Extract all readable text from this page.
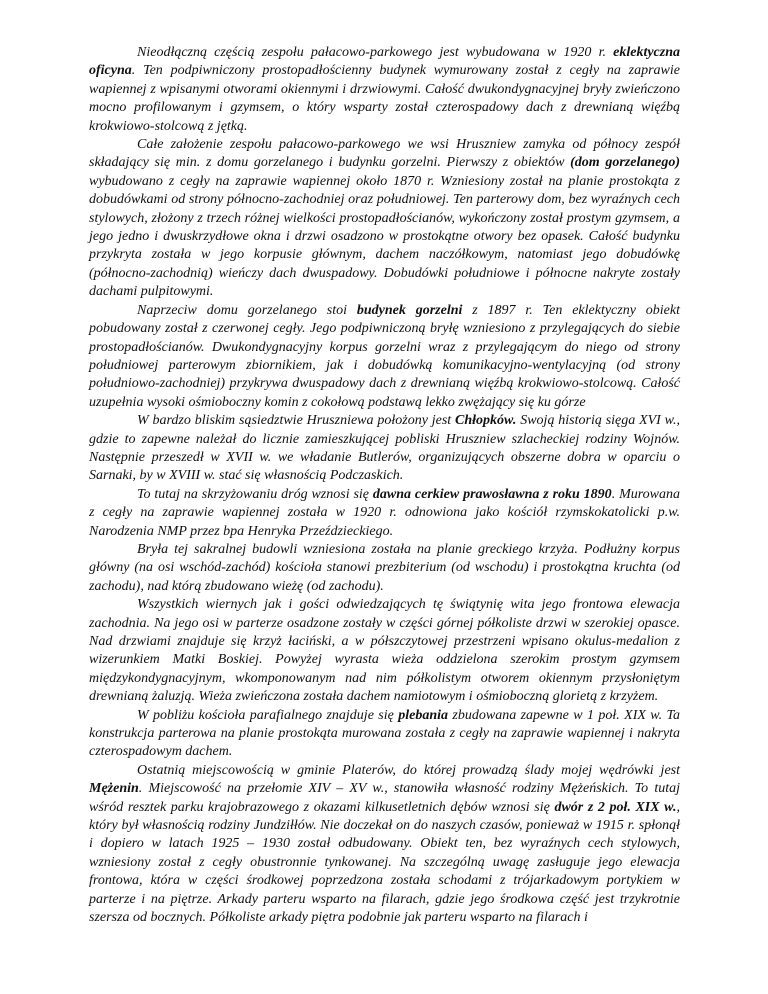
Nieodłączną częścią zespołu pałacowo-parkowego jest wybudowana w 1920 r. eklektyczna oficyna. Ten podpiwniczony prostopadłościenny budynek wymurowany został z cegły na zaprawie wapiennej z wpisanymi otworami okiennymi i drzwiowymi. Całość dwukondygnacyjnej bryły zwieńczono mocno profilowanym i gzymsem, o który wsparty został czterospadowy dach z drewnianą więźbą krokwiowo-stolcową z jętką.

Całe założenie zespołu pałacowo-parkowego we wsi Hruszniew zamyka od północy zespół składający się min. z domu gorzelanego i budynku gorzelni. Pierwszy z obiektów (dom gorzelanego) wybudowano z cegły na zaprawie wapiennej około 1870 r. Wzniesiony został na planie prostokąta z dobudówkami od strony północno-zachodniej oraz południowej. Ten parterowy dom, bez wyraźnych cech stylowych, złożony z trzech różnej wielkości prostopadłościanów, wykończony został prostym gzymsem, a jego jedno i dwuskrzydłowe okna i drzwi osadzono w prostokątne otwory bez opasek. Całość budynku przykryta została w jego korpusie głównym, dachem naczółkowym, natomiast jego dobudówkę (północno-zachodnią) wieńczy dach dwuspadowy. Dobudówki południowe i północne nakryte zostały dachami pulpitowymi.

Naprzeciw domu gorzelanego stoi budynek gorzelni z 1897 r. Ten eklektyczny obiekt pobudowany został z czerwonej cegły. Jego podpiwniczoną bryłę wzniesiono z przylegających do siebie prostopadłościanów. Dwukondygnacyjny korpus gorzelni wraz z przylegającym do niego od strony południowej parterowym zbiornikiem, jak i dobudówką komunikacyjno-wentylacyjną (od strony południowo-zachodniej) przykrywa dwuspadowy dach z drewnianą więźbą krokwiowo-stolcową. Całość uzupełnia wysoki ośmioboczny komin z cokołową podstawą lekko zwężający się ku górze

W bardzo bliskim sąsiedztwie Hruszniewa położony jest Chłopków. Swoją historią sięga XVI w., gdzie to zapewne należał do licznie zamieszkującej pobliski Hruszniew szlacheckiej rodziny Wojnów. Następnie przeszedł w XVII w. we władanie Butlerów, organizujących obszerne dobra w oparciu o Sarnaki, by w XVIII w. stać się własnością Podczaskich.

To tutaj na skrzyżowaniu dróg wznosi się dawna cerkiew prawosławna z roku 1890. Murowana z cegły na zaprawie wapiennej została w 1920 r. odnowiona jako kościół rzymskokatolicki p.w. Narodzenia NMP przez bpa Henryka Przeździeckiego.

Bryła tej sakralnej budowli wzniesiona została na planie greckiego krzyża. Podłużny korpus główny (na osi wschód-zachód) kościoła stanowi prezbiterium (od wschodu) i prostokątna kruchta (od zachodu), nad którą zbudowano wieżę (od zachodu).

Wszystkich wiernych jak i gości odwiedzających tę świątynię wita jego frontowa elewacja zachodnia. Na jego osi w parterze osadzone zostały w części górnej półkoliste drzwi w szerokiej opasce. Nad drzwiami znajduje się krzyż łaciński, a w półszczytowej przestrzeni wpisano okulus-medalion z wizerunkiem Matki Boskiej. Powyżej wyrasta wieża oddzielona szerokim prostym gzymsem międzykondygnacyjnym, wkomponowanym nad nim półkolistym otworem okiennym przysłoniętym drewnianą żaluzją. Wieża zwieńczona została dachem namiotowym i ośmioboczną glorietą z krzyżem.

W pobliżu kościoła parafialnego znajduje się plebania zbudowana zapewne w 1 poł. XIX w. Ta konstrukcja parterowa na planie prostokąta murowana została z cegły na zaprawie wapiennej i nakryta czterospadowym dachem.

Ostatnią miejscowością w gminie Platerów, do której prowadzą ślady mojej wędrówki jest Mężenin. Miejscowość na przełomie XIV – XV w., stanowiła własność rodziny Mężeńskich. To tutaj wśród resztek parku krajobrazowego z okazami kilkusetletnich dębów wznosi się dwór z 2 poł. XIX w., który był własnością rodziny Jundziłłów. Nie doczekał on do naszych czasów, ponieważ w 1915 r. spłonął i dopiero w latach 1925 – 1930 został odbudowany. Obiekt ten, bez wyraźnych cech stylowych, wzniesiony został z cegły obustronnie tynkowanej. Na szczególną uwagę zasługuje jego elewacja frontowa, która w części środkowej poprzedzona została schodami z trójarkadowym portykiem w parterze i na piętrze. Arkady parteru wsparto na filarach, gdzie jego środkowa część jest trzykrotnie szersza od bocznych. Półkoliste arkady piętra podobnie jak parteru wsparto na filarach i
